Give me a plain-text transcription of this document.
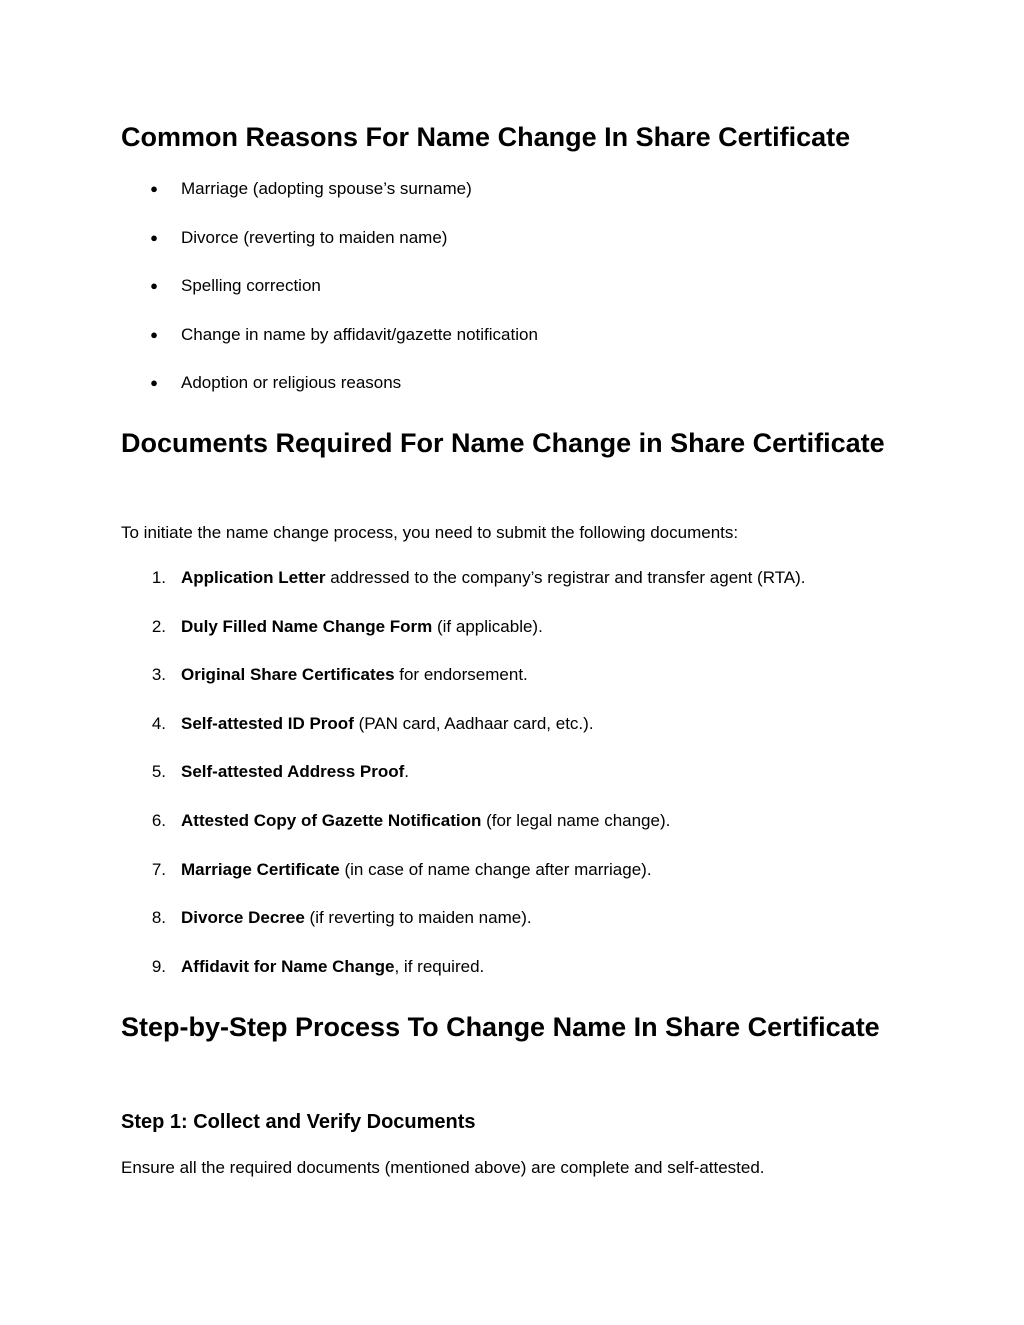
Common Reasons For Name Change In Share Certificate
● Marriage (adopting spouse’s surname)
● Divorce (reverting to maiden name)
● Spelling correction
● Change in name by affidavit/gazette notification
● Adoption or religious reasons
Documents Required For Name Change in Share Certificate

To initiate the name change process, you need to submit the following documents:

1. Application Letter addressed to the company’s registrar and transfer agent (RTA).
2. Duly Filled Name Change Form (if applicable).
3. Original Share Certificates for endorsement.
4. Self-attested ID Proof (PAN card, Aadhaar card, etc.).
5. Self-attested Address Proof.
6. Attested Copy of Gazette Notification (for legal name change).
7. Marriage Certificate (in case of name change after marriage).
8. Divorce Decree (if reverting to maiden name).
9. Affidavit for Name Change, if required.
Step-by-Step Process To Change Name In Share Certificate
Step 1: Collect and Verify Documents

Ensure all the required documents (mentioned above) are complete and self-attested.
